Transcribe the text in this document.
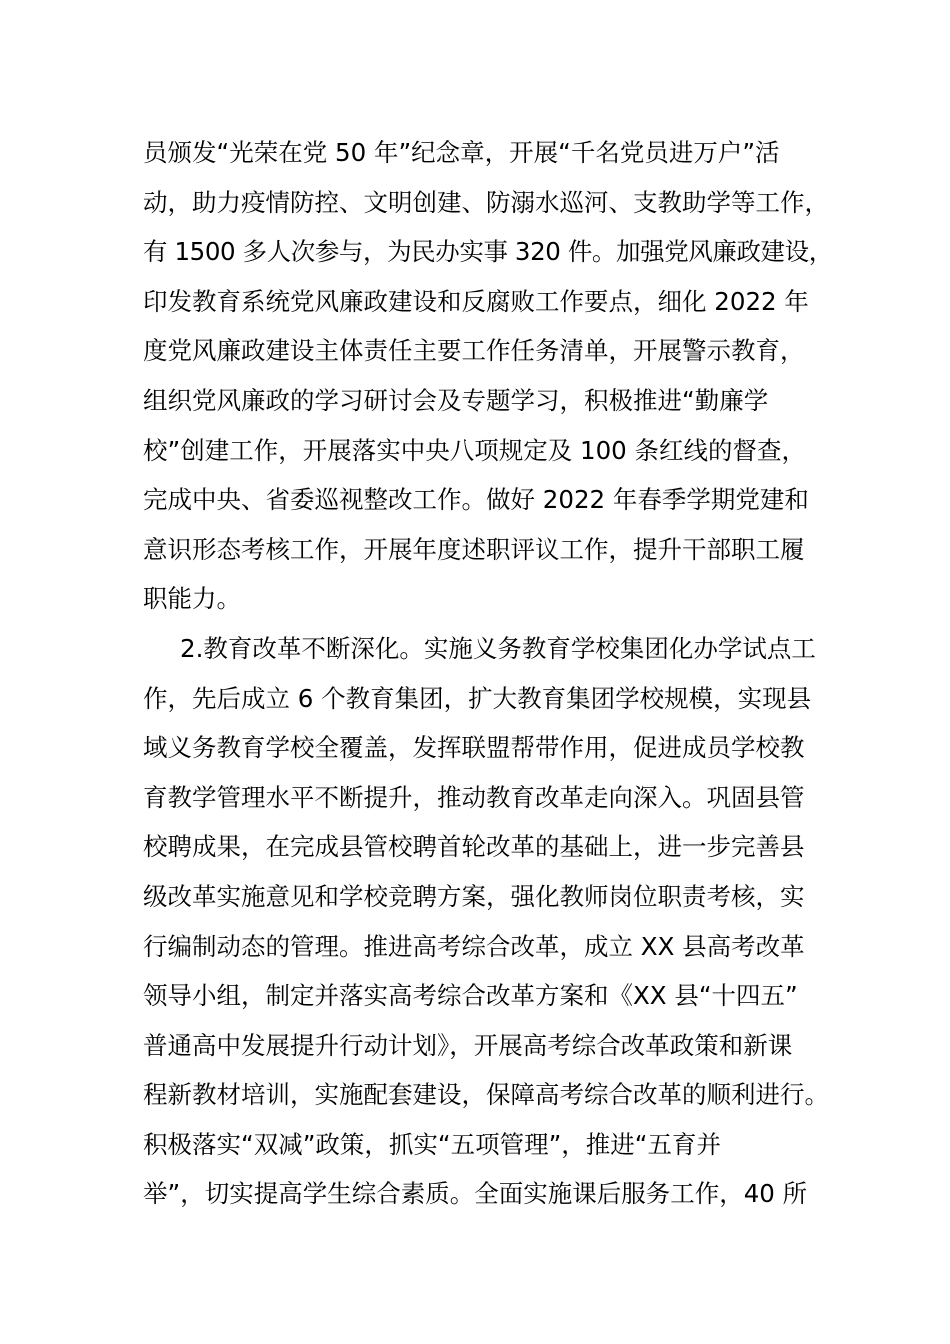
员颁发“光荣在党 50 年”纪念章，开展“千名党员进万户”活
动，助力疫情防控、文明创建、防溺水巡河、支教助学等工作，
有 1500 多人次参与，为民办实事 320 件。加强党风廉政建设，
印发教育系统党风廉政建设和反腐败工作要点，细化 2022 年
度党风廉政建设主体责任主要工作任务清单，开展警示教育，
组织党风廉政的学习研讨会及专题学习，积极推进“勤廉学
校”创建工作，开展落实中央八项规定及 100 条红线的督查，
完成中央、省委巡视整改工作。做好 2022 年春季学期党建和
意识形态考核工作，开展年度述职评议工作，提升干部职工履
职能力。
2.教育改革不断深化。实施义务教育学校集团化办学试点工
作，先后成立 6 个教育集团，扩大教育集团学校规模，实现县
域义务教育学校全覆盖，发挥联盟帮带作用，促进成员学校教
育教学管理水平不断提升，推动教育改革走向深入。巩固县管
校聘成果，在完成县管校聘首轮改革的基础上，进一步完善县
级改革实施意见和学校竞聘方案，强化教师岗位职责考核，实
行编制动态的管理。推进高考综合改革，成立 XX 县高考改革
领导小组，制定并落实高考综合改革方案和《XX 县“十四五”
普通高中发展提升行动计划》，开展高考综合改革政策和新课
程新教材培训，实施配套建设，保障高考综合改革的顺利进行。
积极落实“双减”政策，抓实“五项管理”，推进“五育并
举”，切实提高学生综合素质。全面实施课后服务工作，40 所
